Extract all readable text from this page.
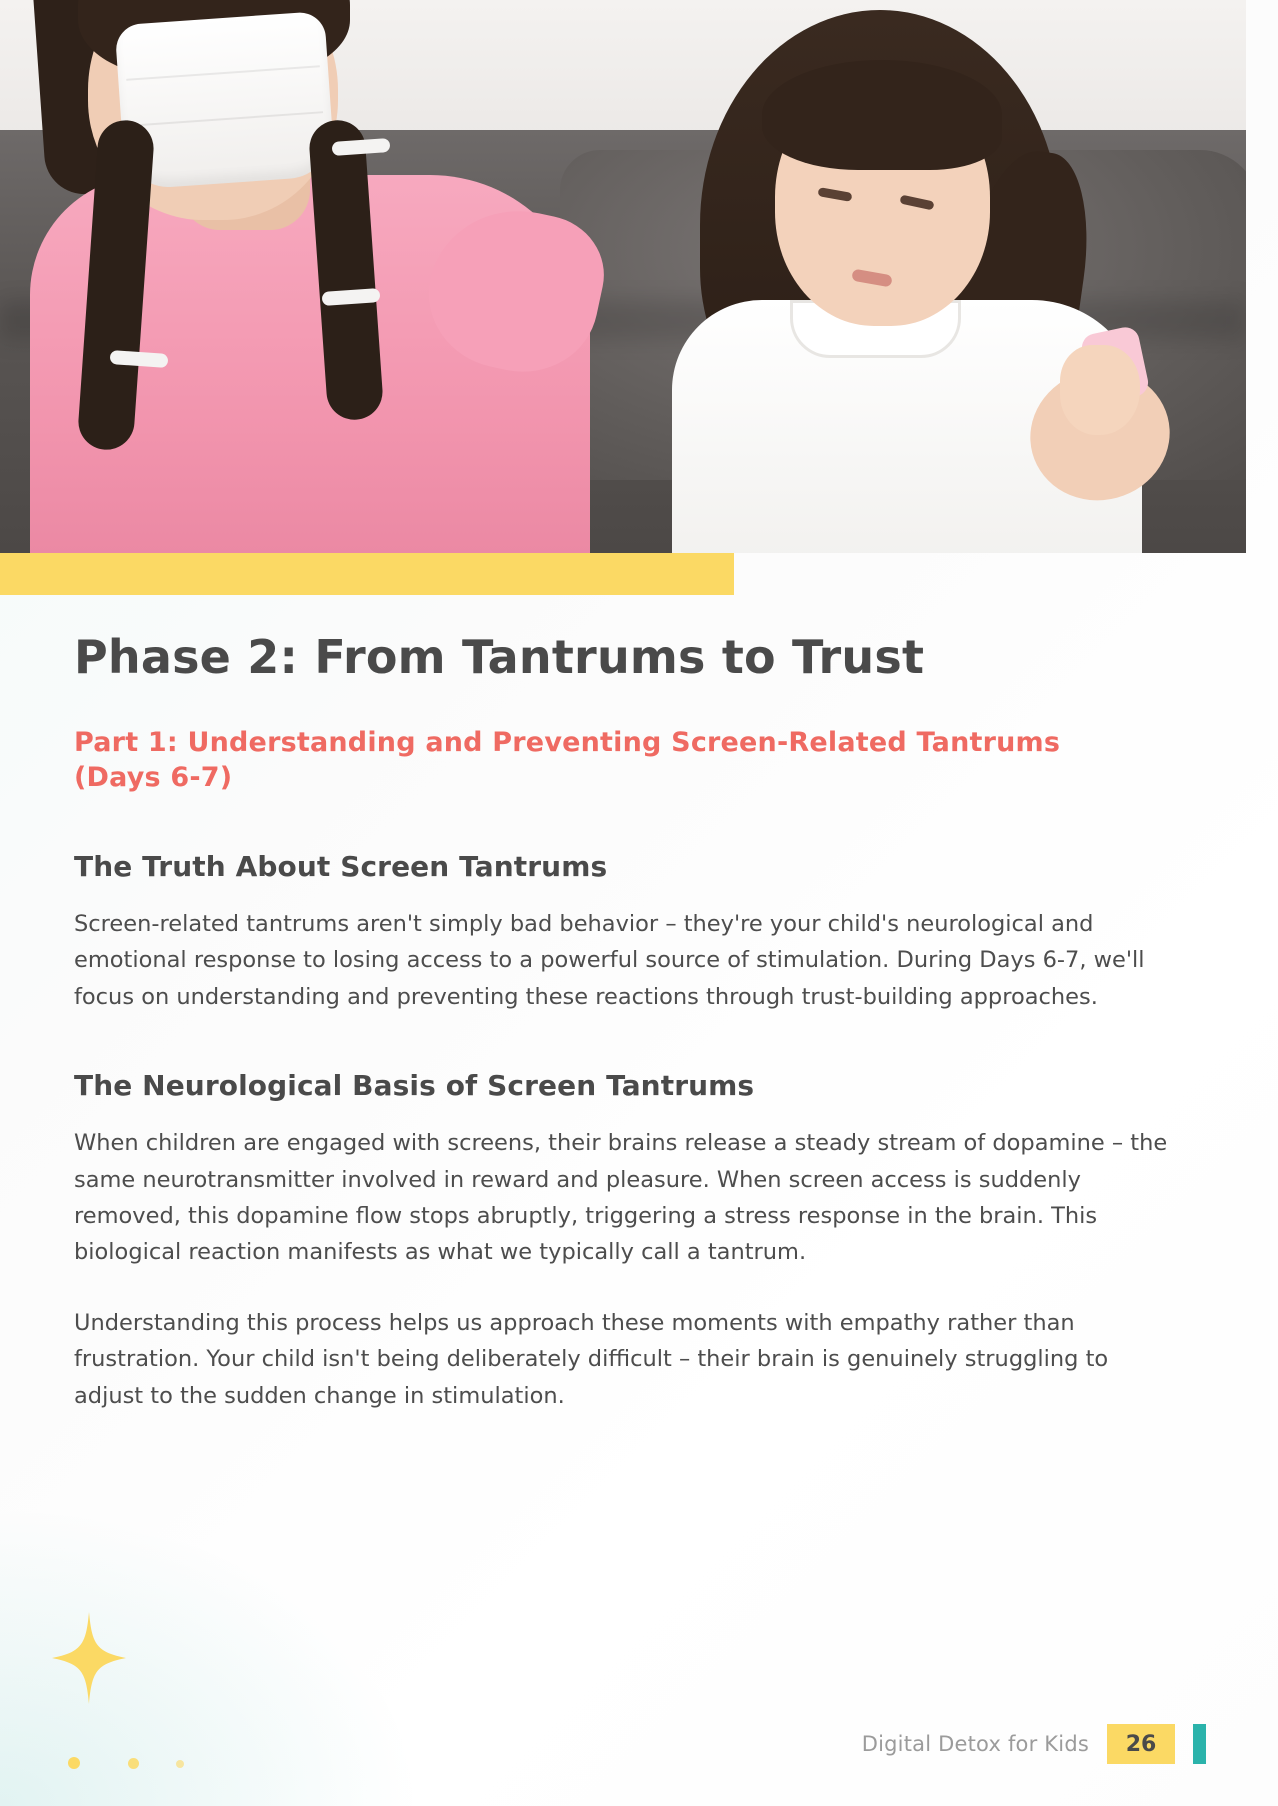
Phase 2: From Tantrums to Trust
Part 1: Understanding and Preventing Screen-Related Tantrums (Days 6-7)
The Truth About Screen Tantrums

Screen-related tantrums aren't simply bad behavior – they're your child's neurological and emotional response to losing access to a powerful source of stimulation. During Days 6-7, we'll focus on understanding and preventing these reactions through trust-building approaches.

The Neurological Basis of Screen Tantrums

When children are engaged with screens, their brains release a steady stream of dopamine – the same neurotransmitter involved in reward and pleasure. When screen access is suddenly removed, this dopamine flow stops abruptly, triggering a stress response in the brain. This biological reaction manifests as what we typically call a tantrum.

Understanding this process helps us approach these moments with empathy rather than frustration. Your child isn't being deliberately difficult – their brain is genuinely struggling to adjust to the sudden change in stimulation.

Digital Detox for Kids	26
